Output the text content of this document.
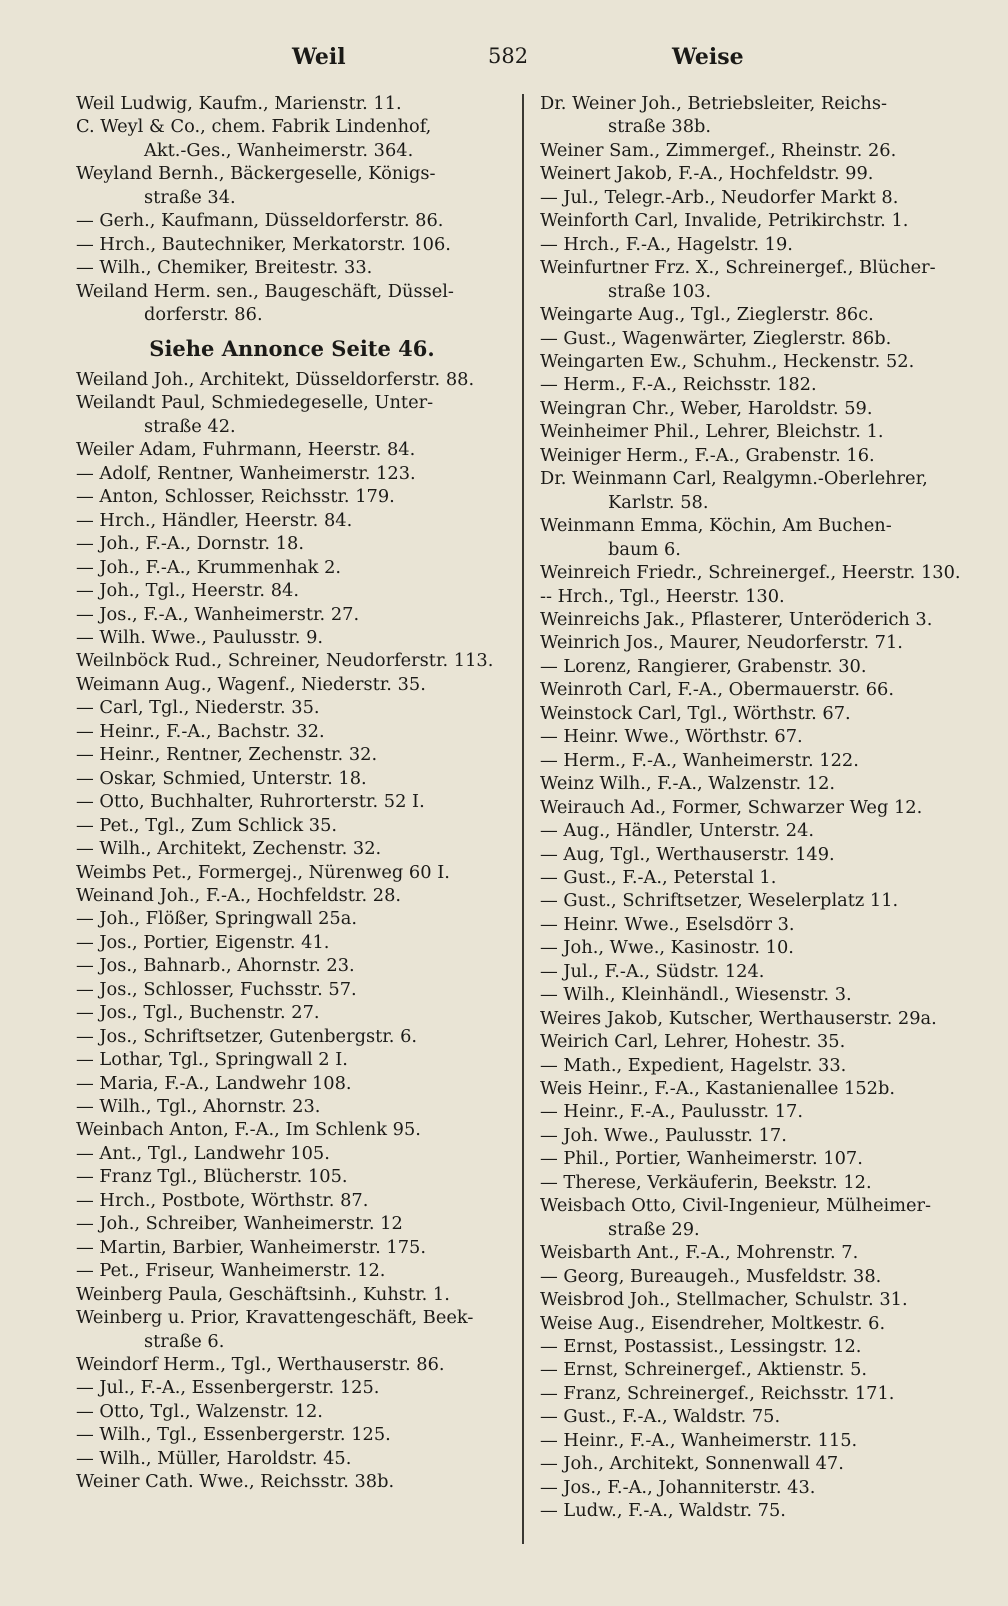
Weil	582	Weise
Weil Ludwig, Kaufm., Marienstr. 11.
C. Weyl & Co., chem. Fabrik Lindenhof,
Akt.-Ges., Wanheimerstr. 364.
Weyland Bernh., Bäckergeselle, Königs-
straße 34.
— Gerh., Kaufmann, Düsseldorferstr. 86.
— Hrch., Bautechniker, Merkatorstr. 106.
— Wilh., Chemiker, Breitestr. 33.
Weiland Herm. sen., Baugeschäft, Düssel-
dorferstr. 86.
Siehe Annonce Seite 46.
Weiland Joh., Architekt, Düsseldorferstr. 88.
Weilandt Paul, Schmiedegeselle, Unter-
straße 42.
Weiler Adam, Fuhrmann, Heerstr. 84.
— Adolf, Rentner, Wanheimerstr. 123.
— Anton, Schlosser, Reichsstr. 179.
— Hrch., Händler, Heerstr. 84.
— Joh., F.-A., Dornstr. 18.
— Joh., F.-A., Krummenhak 2.
— Joh., Tgl., Heerstr. 84.
— Jos., F.-A., Wanheimerstr. 27.
— Wilh. Wwe., Paulusstr. 9.
Weilnböck Rud., Schreiner, Neudorferstr. 113.
Weimann Aug., Wagenf., Niederstr. 35.
— Carl, Tgl., Niederstr. 35.
— Heinr., F.-A., Bachstr. 32.
— Heinr., Rentner, Zechenstr. 32.
— Oskar, Schmied, Unterstr. 18.
— Otto, Buchhalter, Ruhrorterstr. 52 I.
— Pet., Tgl., Zum Schlick 35.
— Wilh., Architekt, Zechenstr. 32.
Weimbs Pet., Formergej., Nürenweg 60 I.
Weinand Joh., F.-A., Hochfeldstr. 28.
— Joh., Flößer, Springwall 25a.
— Jos., Portier, Eigenstr. 41.
— Jos., Bahnarb., Ahornstr. 23.
— Jos., Schlosser, Fuchsstr. 57.
— Jos., Tgl., Buchenstr. 27.
— Jos., Schriftsetzer, Gutenbergstr. 6.
— Lothar, Tgl., Springwall 2 I.
— Maria, F.-A., Landwehr 108.
— Wilh., Tgl., Ahornstr. 23.
Weinbach Anton, F.-A., Im Schlenk 95.
— Ant., Tgl., Landwehr 105.
— Franz Tgl., Blücherstr. 105.
— Hrch., Postbote, Wörthstr. 87.
— Joh., Schreiber, Wanheimerstr. 12
— Martin, Barbier, Wanheimerstr. 175.
— Pet., Friseur, Wanheimerstr. 12.
Weinberg Paula, Geschäftsinh., Kuhstr. 1.
Weinberg u. Prior, Kravattengeschäft, Beek-
straße 6.
Weindorf Herm., Tgl., Werthauserstr. 86.
— Jul., F.-A., Essenbergerstr. 125.
— Otto, Tgl., Walzenstr. 12.
— Wilh., Tgl., Essenbergerstr. 125.
— Wilh., Müller, Haroldstr. 45.
Weiner Cath. Wwe., Reichsstr. 38b.
Dr. Weiner Joh., Betriebsleiter, Reichs-
straße 38b.
Weiner Sam., Zimmergef., Rheinstr. 26.
Weinert Jakob, F.-A., Hochfeldstr. 99.
— Jul., Telegr.-Arb., Neudorfer Markt 8.
Weinforth Carl, Invalide, Petrikirchstr. 1.
— Hrch., F.-A., Hagelstr. 19.
Weinfurtner Frz. X., Schreinergef., Blücher-
straße 103.
Weingarte Aug., Tgl., Zieglerstr. 86c.
— Gust., Wagenwärter, Zieglerstr. 86b.
Weingarten Ew., Schuhm., Heckenstr. 52.
— Herm., F.-A., Reichsstr. 182.
Weingran Chr., Weber, Haroldstr. 59.
Weinheimer Phil., Lehrer, Bleichstr. 1.
Weiniger Herm., F.-A., Grabenstr. 16.
Dr. Weinmann Carl, Realgymn.-Oberlehrer,
Karlstr. 58.
Weinmann Emma, Köchin, Am Buchen-
baum 6.
Weinreich Friedr., Schreinergef., Heerstr. 130.
-- Hrch., Tgl., Heerstr. 130.
Weinreichs Jak., Pflasterer, Unteröderich 3.
Weinrich Jos., Maurer, Neudorferstr. 71.
— Lorenz, Rangierer, Grabenstr. 30.
Weinroth Carl, F.-A., Obermauerstr. 66.
Weinstock Carl, Tgl., Wörthstr. 67.
— Heinr. Wwe., Wörthstr. 67.
— Herm., F.-A., Wanheimerstr. 122.
Weinz Wilh., F.-A., Walzenstr. 12.
Weirauch Ad., Former, Schwarzer Weg 12.
— Aug., Händler, Unterstr. 24.
— Aug, Tgl., Werthauserstr. 149.
— Gust., F.-A., Peterstal 1.
— Gust., Schriftsetzer, Weselerplatz 11.
— Heinr. Wwe., Eselsdörr 3.
— Joh., Wwe., Kasinostr. 10.
— Jul., F.-A., Südstr. 124.
— Wilh., Kleinhändl., Wiesenstr. 3.
Weires Jakob, Kutscher, Werthauserstr. 29a.
Weirich Carl, Lehrer, Hohestr. 35.
— Math., Expedient, Hagelstr. 33.
Weis Heinr., F.-A., Kastanienallee 152b.
— Heinr., F.-A., Paulusstr. 17.
— Joh. Wwe., Paulusstr. 17.
— Phil., Portier, Wanheimerstr. 107.
— Therese, Verkäuferin, Beekstr. 12.
Weisbach Otto, Civil-Ingenieur, Mülheimer-
straße 29.
Weisbarth Ant., F.-A., Mohrenstr. 7.
— Georg, Bureaugeh., Musfeldstr. 38.
Weisbrod Joh., Stellmacher, Schulstr. 31.
Weise Aug., Eisendreher, Moltkestr. 6.
— Ernst, Postassist., Lessingstr. 12.
— Ernst, Schreinergef., Aktienstr. 5.
— Franz, Schreinergef., Reichsstr. 171.
— Gust., F.-A., Waldstr. 75.
— Heinr., F.-A., Wanheimerstr. 115.
— Joh., Architekt, Sonnenwall 47.
— Jos., F.-A., Johanniterstr. 43.
— Ludw., F.-A., Waldstr. 75.
